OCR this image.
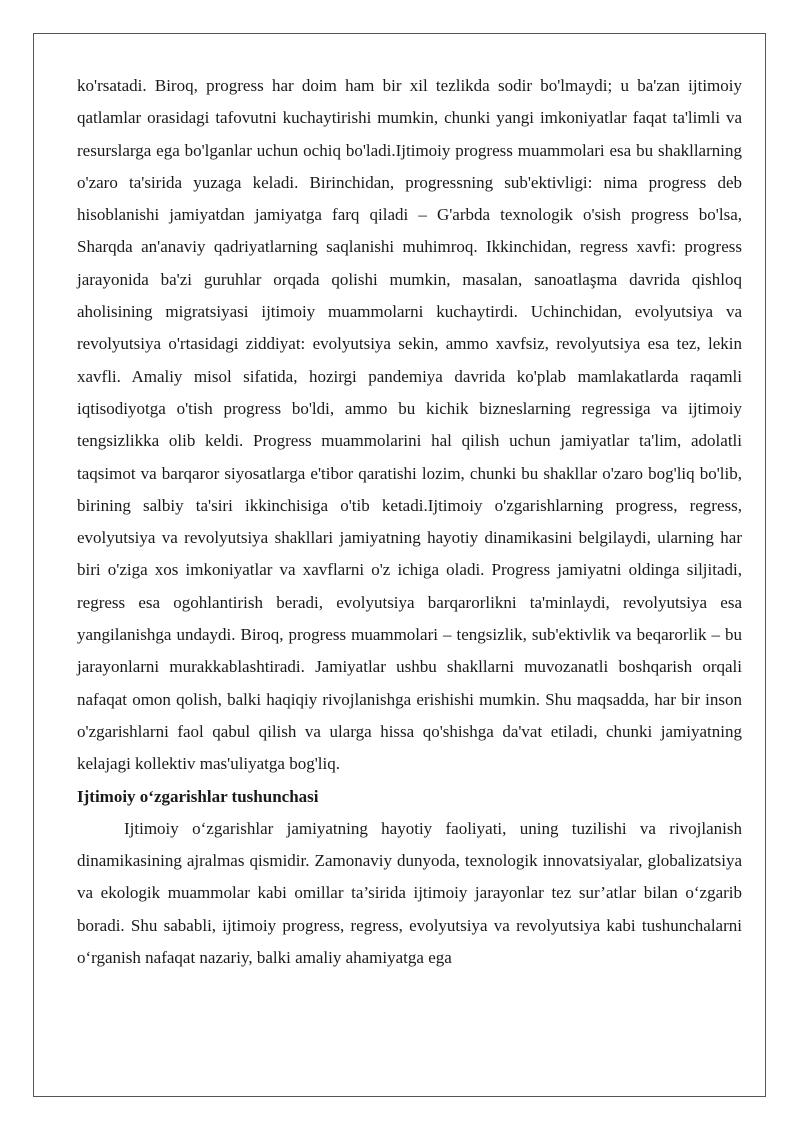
ko'rsatadi. Biroq, progress har doim ham bir xil tezlikda sodir bo'lmaydi; u ba'zan ijtimoiy qatlamlar orasidagi tafovutni kuchaytirishi mumkin, chunki yangi imkoniyatlar faqat ta'limli va resurslarga ega bo'lganlar uchun ochiq bo'ladi.Ijtimoiy progress muammolari esa bu shakllarning o'zaro ta'sirida yuzaga keladi. Birinchidan, progressning sub'ektivligi: nima progress deb hisoblanishi jamiyatdan jamiyatga farq qiladi – G'arbda texnologik o'sish progress bo'lsa, Sharqda an'anaviy qadriyatlarning saqlanishi muhimroq. Ikkinchidan, regress xavfi: progress jarayonida ba'zi guruhlar orqada qolishi mumkin, masalan, sanoatlaşma davrida qishloq aholisining migratsiyasi ijtimoiy muammolarni kuchaytirdi. Uchinchidan, evolyutsiya va revolyutsiya o'rtasidagi ziddiyat: evolyutsiya sekin, ammo xavfsiz, revolyutsiya esa tez, lekin xavfli. Amaliy misol sifatida, hozirgi pandemiya davrida ko'plab mamlakatlarda raqamli iqtisodiyotga o'tish progress bo'ldi, ammo bu kichik bizneslarning regressiga va ijtimoiy tengsizlikka olib keldi. Progress muammolarini hal qilish uchun jamiyatlar ta'lim, adolatli taqsimot va barqaror siyosatlarga e'tibor qaratishi lozim, chunki bu shakllar o'zaro bog'liq bo'lib, birining salbiy ta'siri ikkinchisiga o'tib ketadi.Ijtimoiy o'zgarishlarning progress, regress, evolyutsiya va revolyutsiya shakllari jamiyatning hayotiy dinamikasini belgilaydi, ularning har biri o'ziga xos imkoniyatlar va xavflarni o'z ichiga oladi. Progress jamiyatni oldinga siljitadi, regress esa ogohlantirish beradi, evolyutsiya barqarorlikni ta'minlaydi, revolyutsiya esa yangilanishga undaydi. Biroq, progress muammolari – tengsizlik, sub'ektivlik va beqarorlik – bu jarayonlarni murakkablashtiradi. Jamiyatlar ushbu shakllarni muvozanatli boshqarish orqali nafaqat omon qolish, balki haqiqiy rivojlanishga erishishi mumkin. Shu maqsadda, har bir inson o'zgarishlarni faol qabul qilish va ularga hissa qo'shishga da'vat etiladi, chunki jamiyatning kelajagi kollektiv mas'uliyatga bog'liq.

Ijtimoiy o‘zgarishlar tushunchasi

Ijtimoiy o‘zgarishlar jamiyatning hayotiy faoliyati, uning tuzilishi va rivojlanish dinamikasining ajralmas qismidir. Zamonaviy dunyoda, texnologik innovatsiyalar, globalizatsiya va ekologik muammolar kabi omillar ta’sirida ijtimoiy jarayonlar tez sur’atlar bilan o‘zgarib boradi. Shu sababli, ijtimoiy progress, regress, evolyutsiya va revolyutsiya kabi tushunchalarni o‘rganish nafaqat nazariy, balki amaliy ahamiyatga ega
